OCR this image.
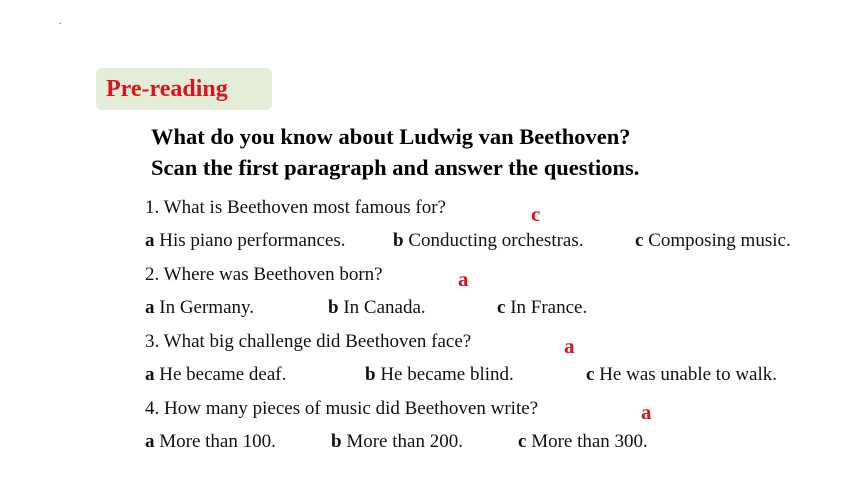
.
Pre-reading
What do you know about Ludwig van Beethoven?
Scan the first paragraph and answer the questions.
1. What is Beethoven most famous for?	c
a His piano performances.	b Conducting orchestras.	c Composing music.
2. Where was Beethoven born?	a
a In Germany.	b In Canada.	c In France.
3. What big challenge did Beethoven face?	a
a He became deaf.	b He became blind.	c He was unable to walk.
4. How many pieces of music did Beethoven write?	a
a More than 100.	b More than 200.	c More than 300.
